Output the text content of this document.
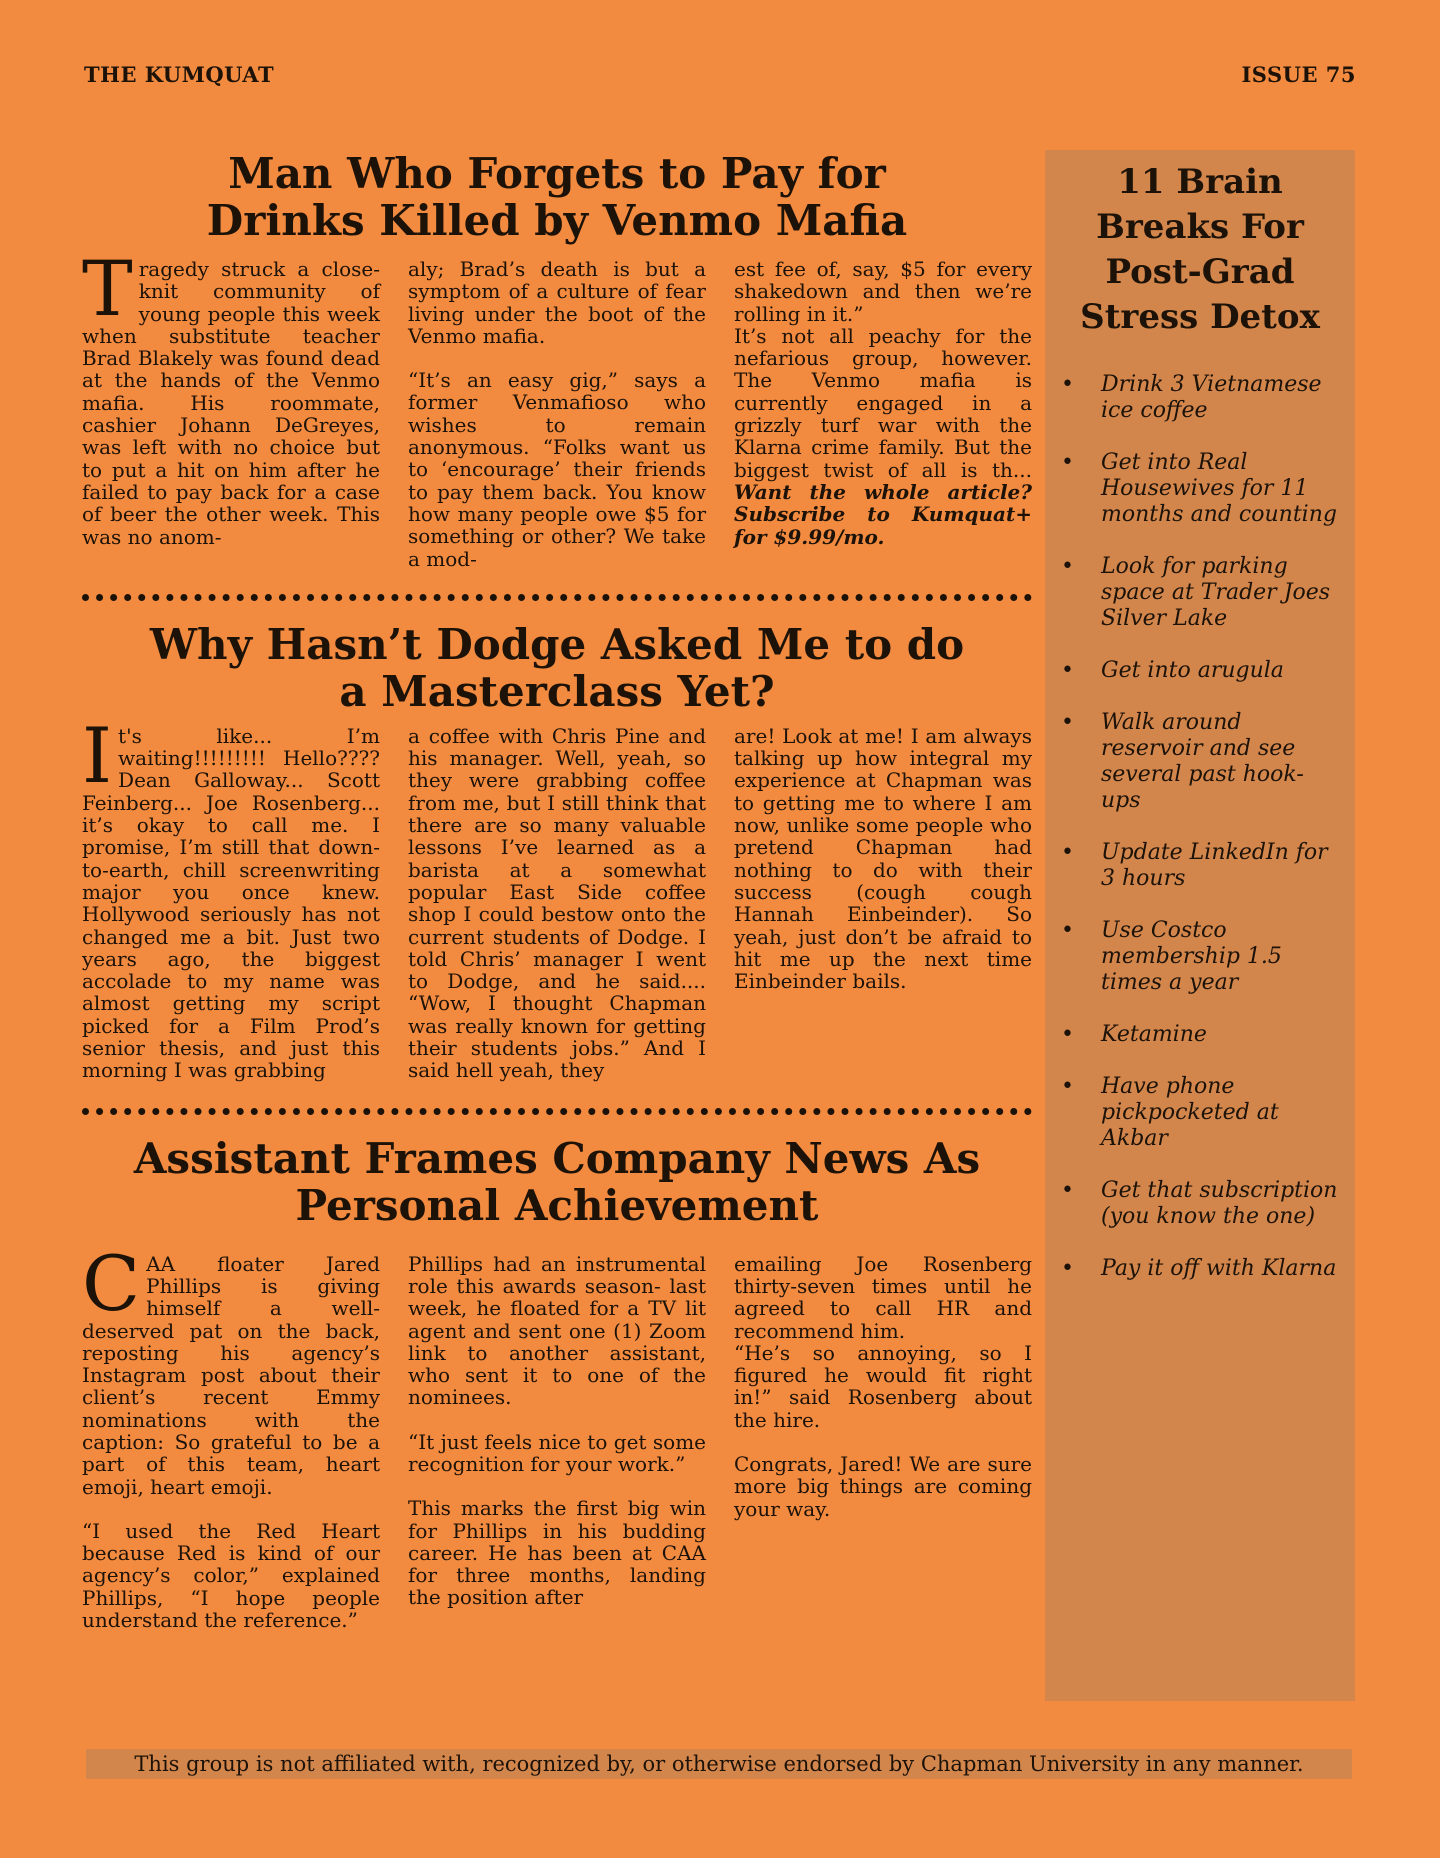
THE KUMQUAT	ISSUE 75
Man Who Forgets to Pay for Drinks Killed by Venmo Mafia

Tragedy struck a close-knit community of young people this week when substitute teacher Brad Blakely was found dead at the hands of the Venmo mafia. His roommate, cashier Johann DeGreyes, was left with no choice but to put a hit on him after he failed to pay back for a case of beer the other week. This was no anom-

aly; Brad’s death is but a symptom of a culture of fear living under the boot of the Venmo mafia.

“It’s an easy gig,” says a former Venmafioso who wishes to remain anonymous. “Folks want us to ‘encourage’ their friends to pay them back. You know how many people owe $5 for something or other? We take a mod-

est fee of, say, $5 for every shakedown and then we’re rolling in it.”

It’s not all peachy for the nefarious group, however. The Venmo mafia is currently engaged in a grizzly turf war with the Klarna crime family. But the biggest twist of all is th... Want the whole article? Subscribe to Kumquat+ for $9.99/mo.

Why Hasn’t Dodge Asked Me to do a Masterclass Yet?

It's like... I’m waiting!!!!!!!!! Hello???? Dean Galloway... Scott Feinberg... Joe Rosenberg... it’s okay to call me. I promise, I’m still that down-to-earth, chill screenwriting major you once knew. Hollywood seriously has not changed me a bit. Just two years ago, the biggest accolade to my name was almost getting my script picked for a Film Prod’s senior thesis, and just this morning I was grabbing

a coffee with Chris Pine and his manager. Well, yeah, so they were grabbing coffee from me, but I still think that there are so many valuable lessons I’ve learned as a barista at a somewhat popular East Side coffee shop I could bestow onto the current students of Dodge. I told Chris’ manager I went to Dodge, and he said.... “Wow, I thought Chapman was really known for getting their students jobs.” And I said hell yeah, they

are! Look at me! I am always talking up how integral my experience at Chapman was to getting me to where I am now, unlike some people who pretend Chapman had nothing to do with their success (cough cough Hannah Einbeinder). So yeah, just don’t be afraid to hit me up the next time Einbeinder bails.

Assistant Frames Company News As Personal Achievement

CAA floater Jared Phillips is giving himself a well-deserved pat on the back, reposting his agency’s Instagram post about their client’s recent Emmy nominations with the caption: So grateful to be a part of this team, heart emoji, heart emoji.

“I used the Red Heart because Red is kind of our agency’s color,” explained Phillips, “I hope people understand the reference.”

Phillips had an instrumental role this awards season- last week, he floated for a TV lit agent and sent one (1) Zoom link to another assistant, who sent it to one of the nominees.

“It just feels nice to get some recognition for your work.”

This marks the first big win for Phillips in his budding career. He has been at CAA for three months, landing the position after

emailing Joe Rosenberg thirty-seven times until he agreed to call HR and recommend him.

“He’s so annoying, so I figured he would fit right in!” said Rosenberg about the hire.

Congrats, Jared! We are sure more big things are coming your way.

11 Brain Breaks For Post-Grad Stress Detox
• Drink 3 Vietnamese ice coffee
• Get into Real Housewives for 11 months and counting
• Look for parking space at Trader Joes Silver Lake
• Get into arugula
• Walk around reservoir and see several past hook-ups
• Update LinkedIn for 3 hours
• Use Costco membership 1.5 times a year
• Ketamine
• Have phone pickpocketed at Akbar
• Get that subscription (you know the one)
• Pay it off with Klarna
This group is not affiliated with, recognized by, or otherwise endorsed by Chapman University in any manner.
